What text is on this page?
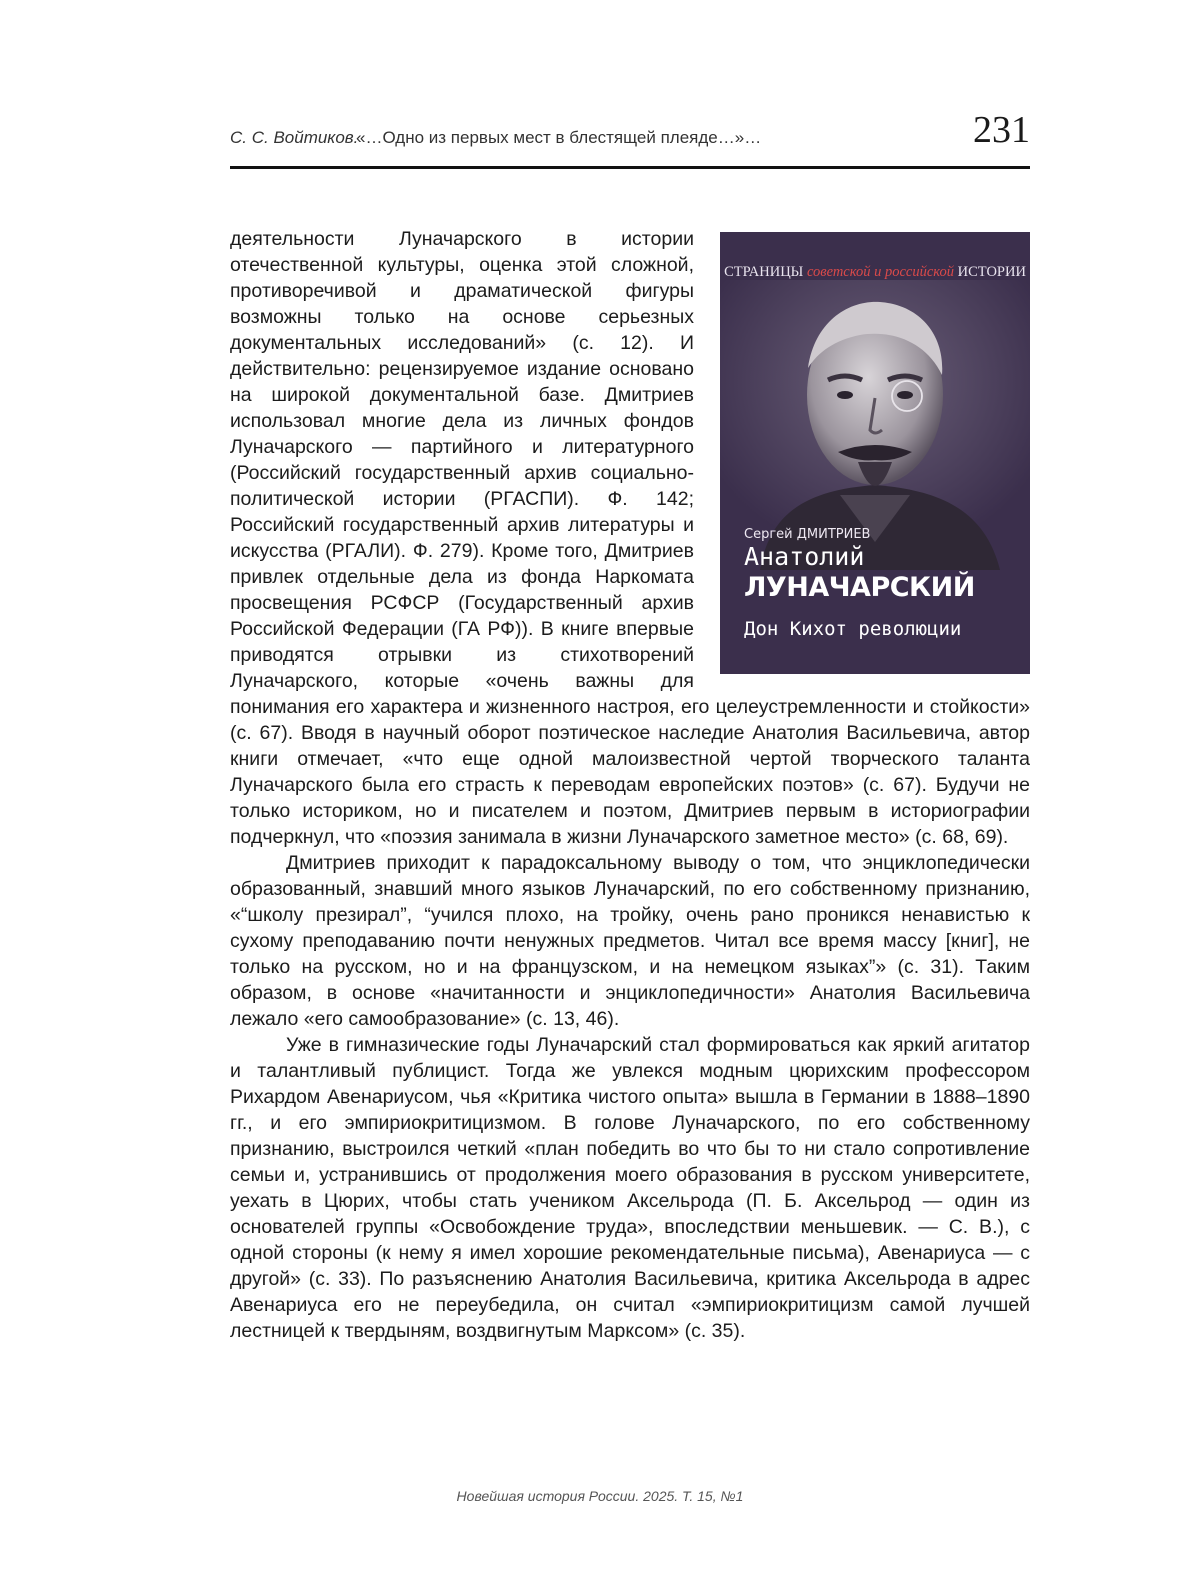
С. С. Войтиков.
«…Одно из первых мест в блестящей плеяде…»…	231
СТРАНИЦЫ советской и российской ИСТОРИИ
Сергей ДМИТРИЕВ
Анатолий
ЛУНАЧАРСКИЙ
Дон Кихот революции

деятельности Луначарского в истории отечественной культуры, оценка этой сложной, противоречивой и драматической фигуры возможны только на основе серьезных документальных исследований» (с. 12). И действительно: рецензируемое издание основано на широкой документальной базе. Дмитриев использовал многие дела из личных фондов Луначарского — партийного и литературного (Российский государственный архив социально-политической истории (РГАСПИ). Ф. 142; Российский государственный архив литературы и искусства (РГАЛИ). Ф. 279). Кроме того, Дмитриев привлек отдельные дела из фонда Наркомата просвещения РСФСР (Государственный архив Российской Федерации (ГА РФ)). В книге впервые приводятся отрывки из стихотворений Луначарского, которые «очень важны для понимания его характера и жизненного настроя, его целеустремленности и стойкости» (с. 67). Вводя в научный оборот поэтическое наследие Анатолия Васильевича, автор книги отмечает, «что еще одной малоизвестной чертой творческого таланта Луначарского была его страсть к переводам европейских поэтов» (с. 67). Будучи не только историком, но и писателем и поэтом, Дмитриев первым в историографии подчеркнул, что «поэзия занимала в жизни Луначарского заметное место» (с. 68, 69).

Дмитриев приходит к парадоксальному выводу о том, что энциклопедически образованный, знавший много языков Луначарский, по его собственному признанию, «“школу презирал”, “учился плохо, на тройку, очень рано проникся ненавистью к сухому преподаванию почти ненужных предметов. Читал все время массу [книг], не только на русском, но и на французском, и на немецком языках”» (с. 31). Таким образом, в основе «начитанности и энциклопедичности» Анатолия Васильевича лежало «его самообразование» (с. 13, 46).

Уже в гимназические годы Луначарский стал формироваться как яркий агитатор и талантливый публицист. Тогда же увлекся модным цюрихским профессором Рихардом Авенариусом, чья «Критика чистого опыта» вышла в Германии в 1888–1890 гг., и его эмпириокритицизмом. В голове Луначарского, по его собственному признанию, выстроился четкий «план победить во что бы то ни стало сопротивление семьи и, устранившись от продолжения моего образования в русском университете, уехать в Цюрих, чтобы стать учеником Аксельрода (П. Б. Аксельрод — один из основателей группы «Освобождение труда», впоследствии меньшевик. — С. В.), с одной стороны (к нему я имел хорошие рекомендательные письма), Авенариуса — с другой» (с. 33). По разъяснению Анатолия Васильевича, критика Аксельрода в адрес Авенариуса его не переубедила, он считал «эмпириокритицизм самой лучшей лестницей к твердыням, воздвигнутым Марксом» (с. 35).

Новейшая история России. 2025. Т. 15, №1
